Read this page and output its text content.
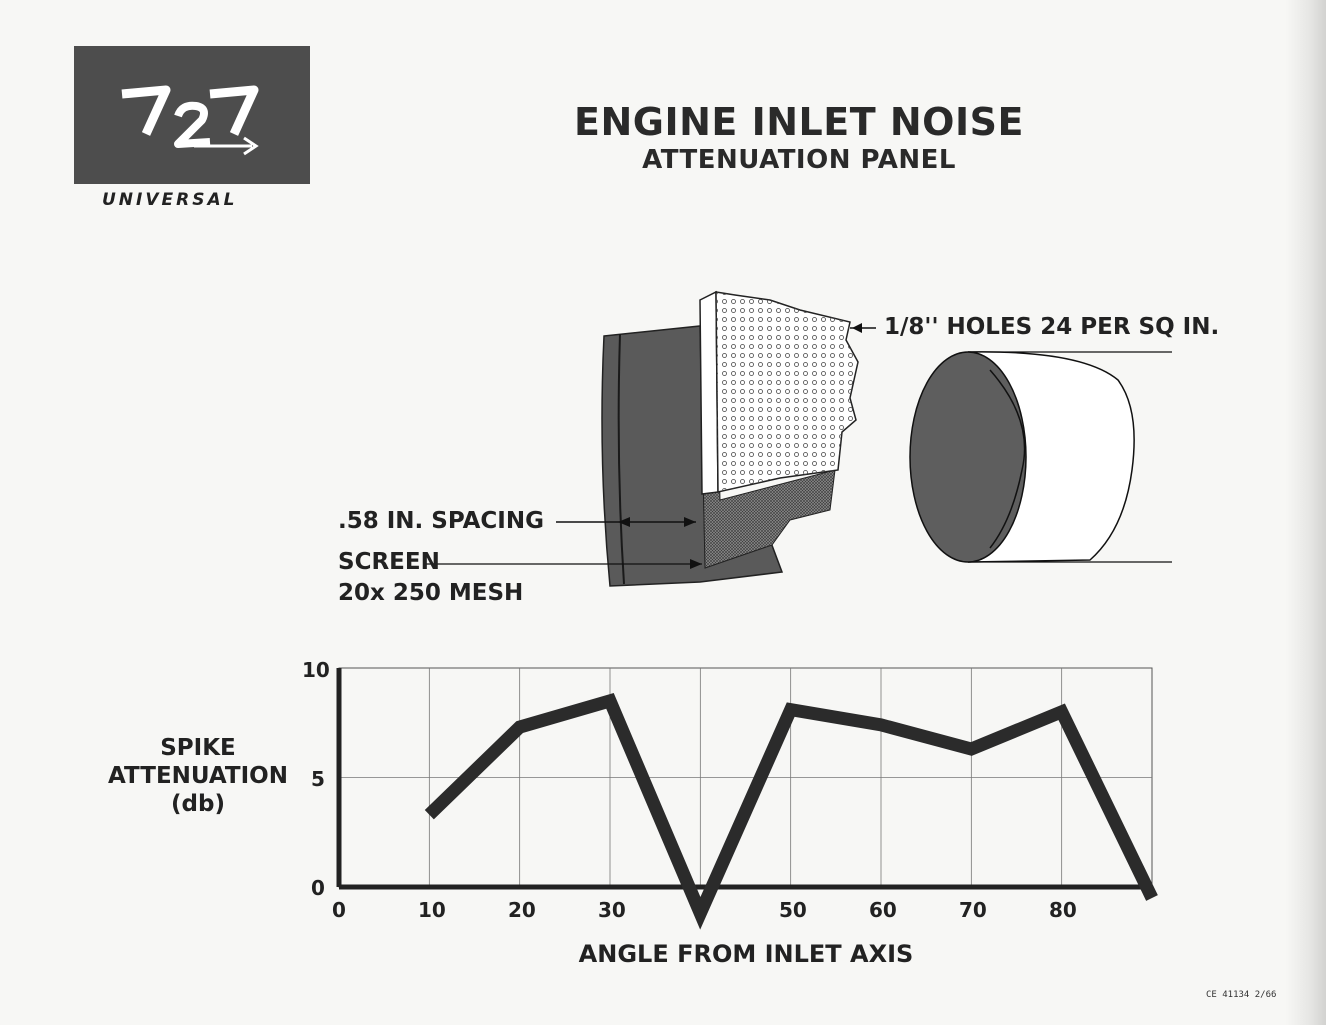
UNIVERSAL
ENGINE INLET NOISE
ATTENUATION PANEL
1/8'' HOLES 24 PER SQ IN.
.58 IN. SPACING
SCREEN
20x 250 MESH
SPIKE
ATTENUATION
(db)
10
5
0
0	10	20	30	50	60	70	80
ANGLE FROM INLET AXIS
CE 41134 2/66
